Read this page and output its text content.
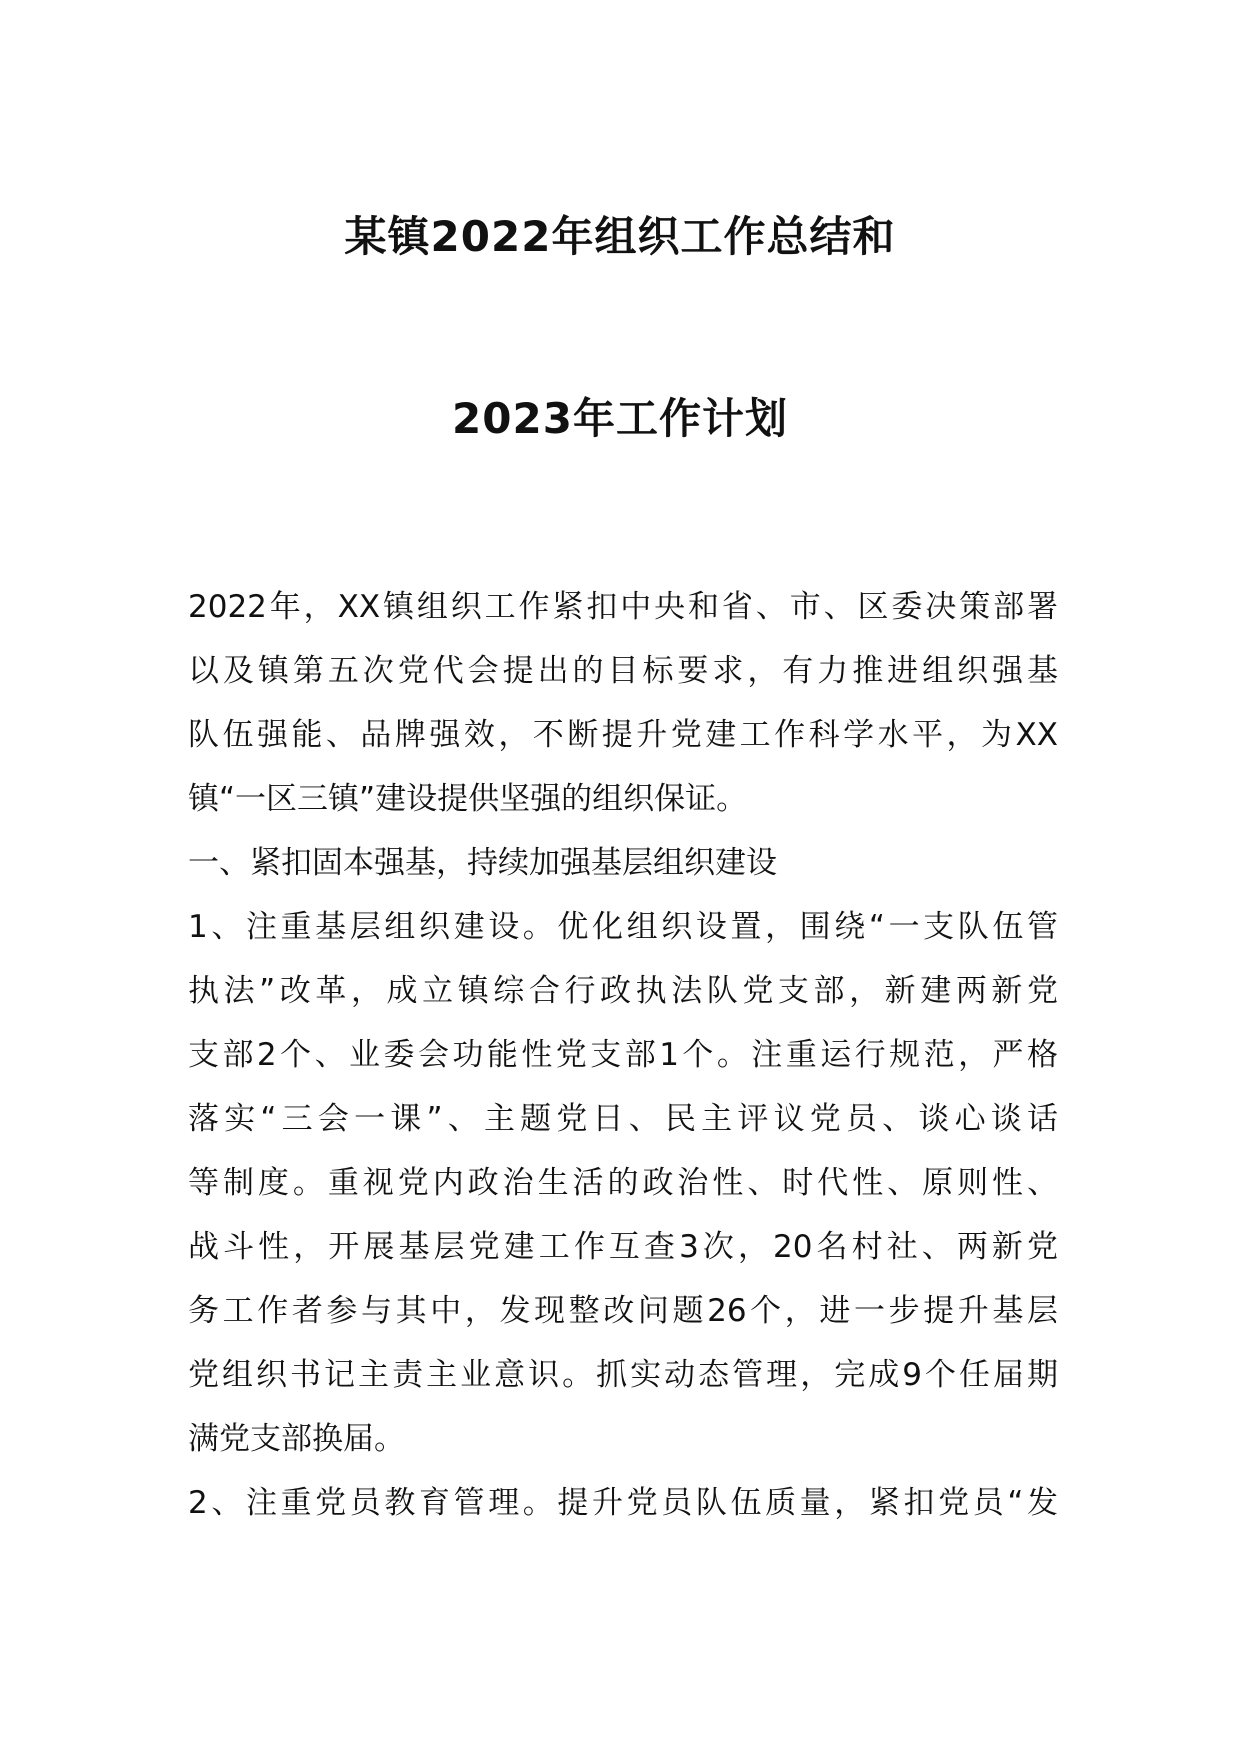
某镇2022年组织工作总结和
2023年工作计划
2022年，XX镇组织工作紧扣中央和省、市、区委决策部署
以及镇第五次党代会提出的目标要求，有力推进组织强基
队伍强能、品牌强效，不断提升党建工作科学水平，为XX
镇“一区三镇”建设提供坚强的组织保证。
一、紧扣固本强基，持续加强基层组织建设
1、注重基层组织建设。优化组织设置，围绕“一支队伍管
执法”改革，成立镇综合行政执法队党支部，新建两新党
支部2个、业委会功能性党支部1个。注重运行规范，严格
落实“三会一课”、主题党日、民主评议党员、谈心谈话
等制度。重视党内政治生活的政治性、时代性、原则性、
战斗性，开展基层党建工作互查3次，20名村社、两新党
务工作者参与其中，发现整改问题26个，进一步提升基层
党组织书记主责主业意识。抓实动态管理，完成9个任届期
满党支部换届。
2、注重党员教育管理。提升党员队伍质量，紧扣党员“发
